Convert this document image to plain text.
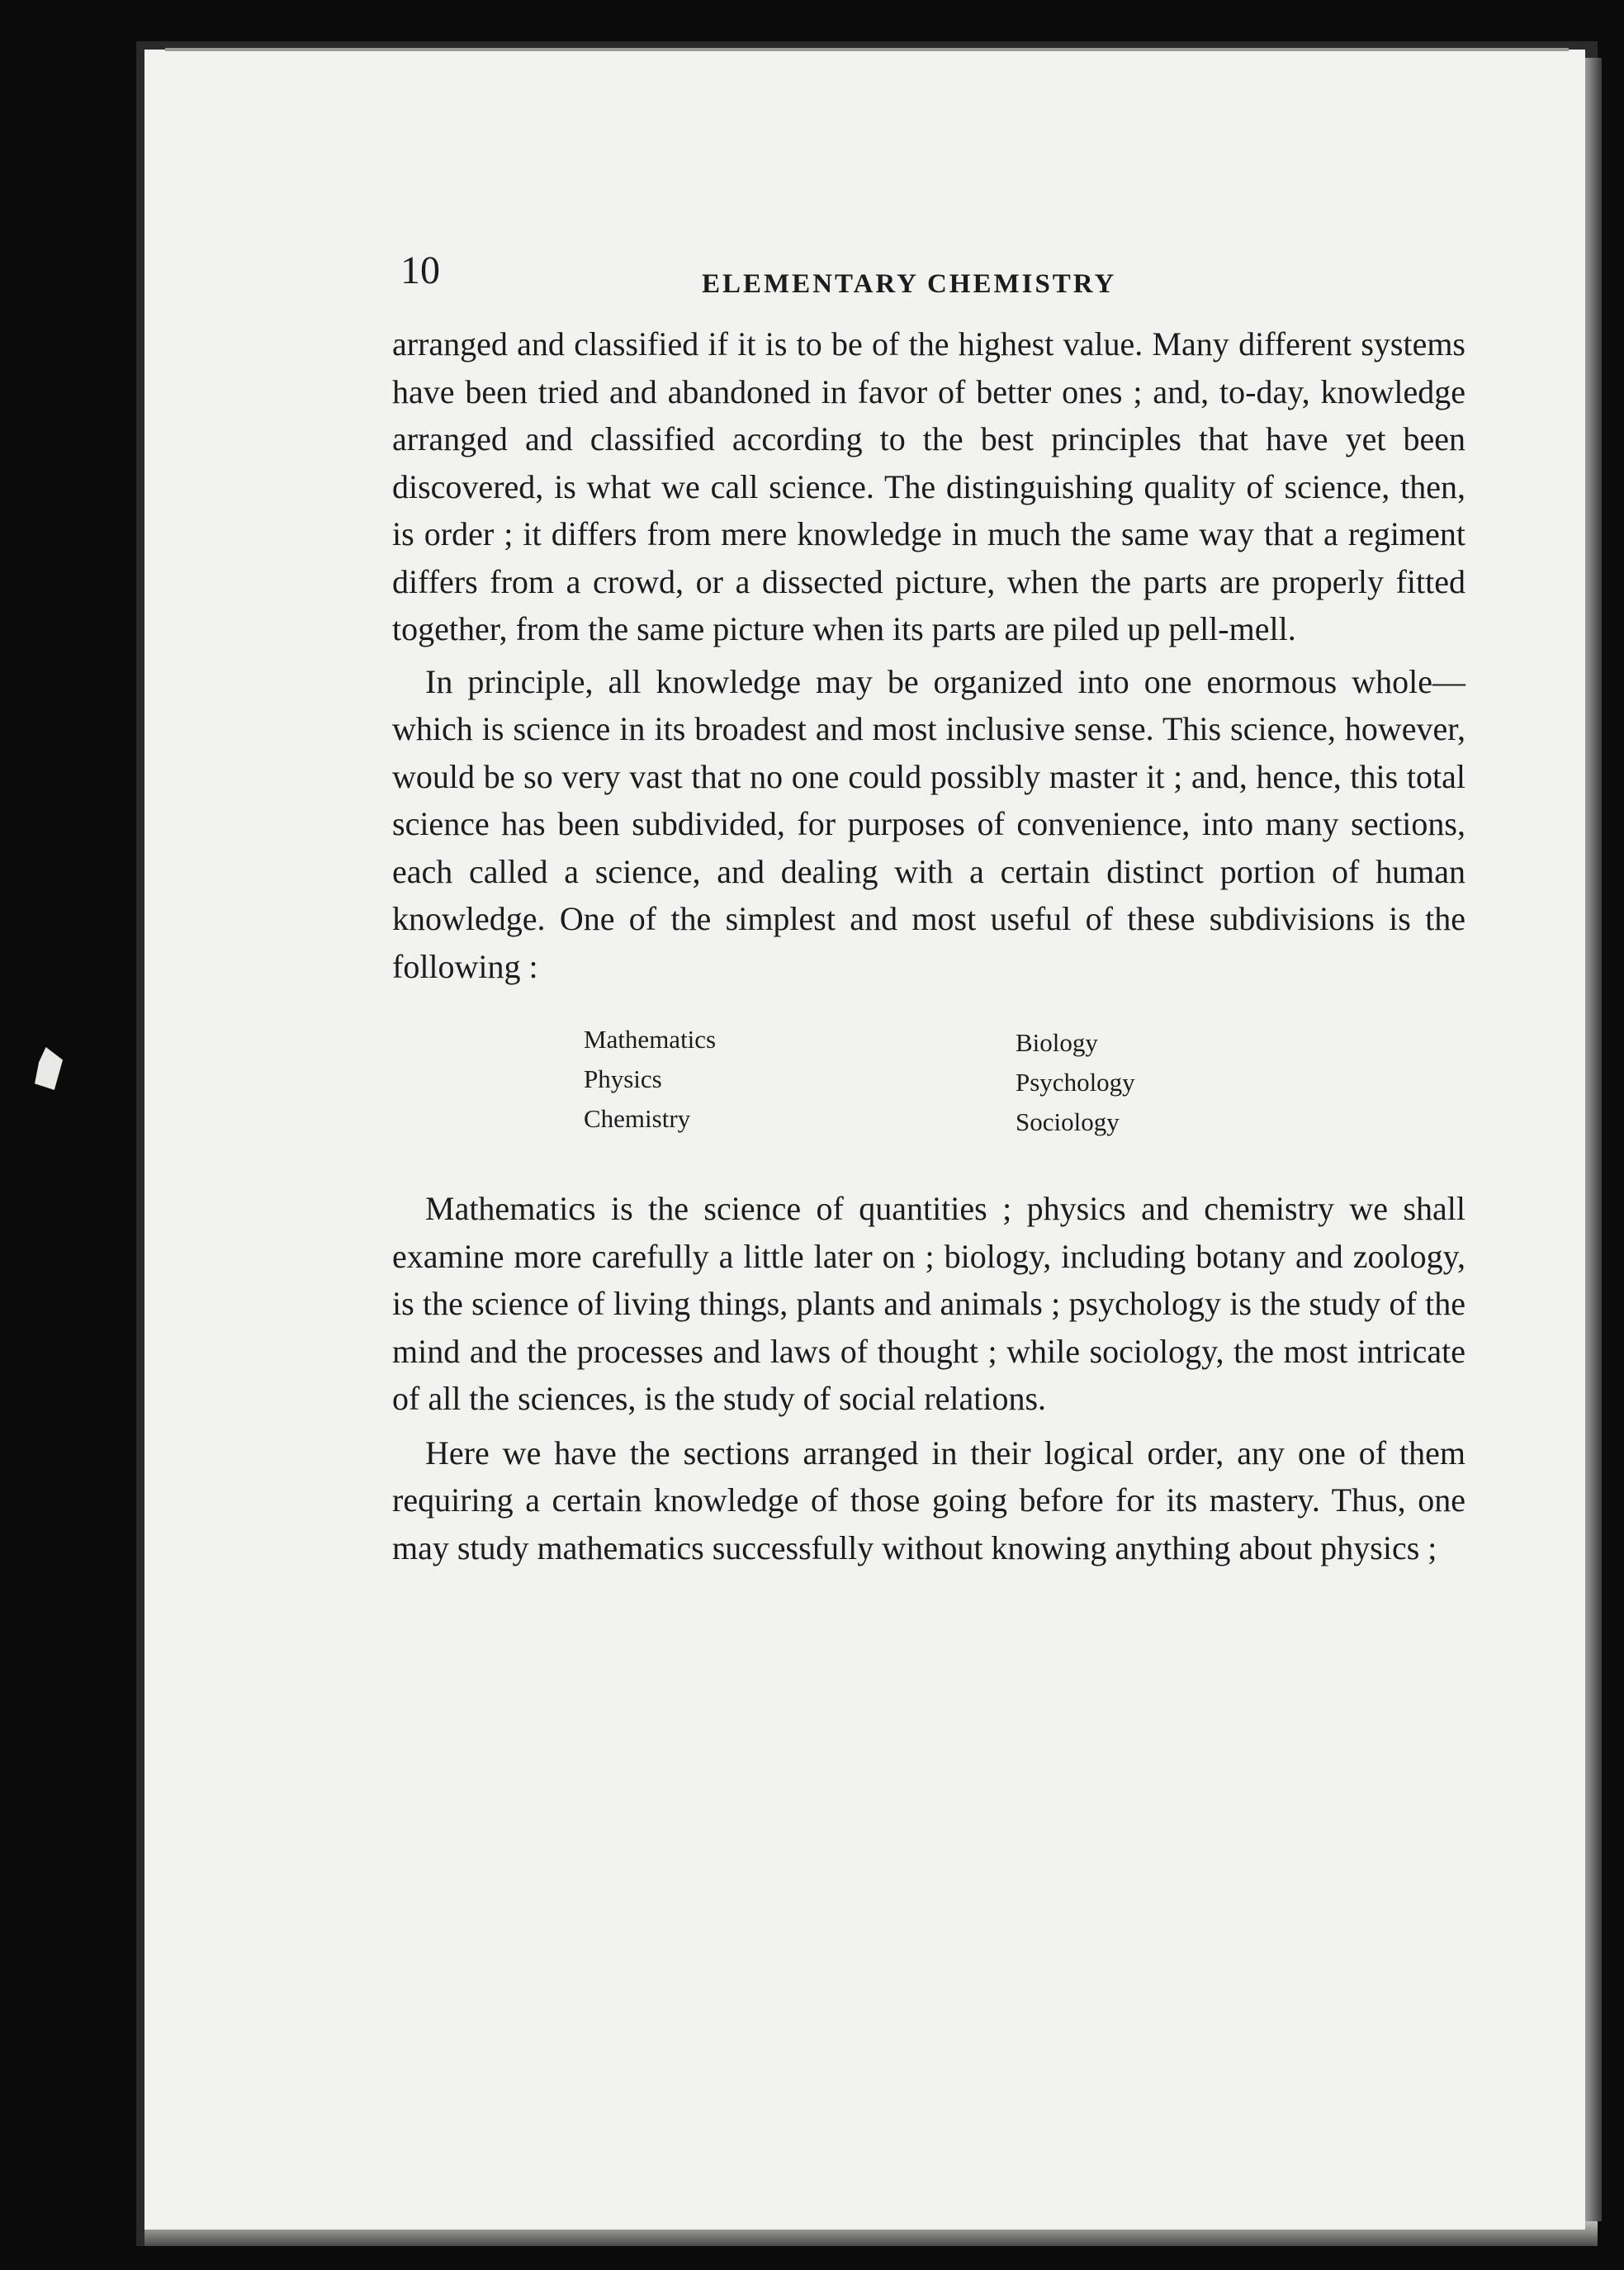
10	ELEMENTARY CHEMISTRY

arranged and classified if it is to be of the highest value. Many different systems have been tried and abandoned in favor of better ones ; and, to-day, knowledge arranged and classified according to the best principles that have yet been discovered, is what we call science. The distinguishing quality of science, then, is order ; it differs from mere knowledge in much the same way that a regiment differs from a crowd, or a dissected picture, when the parts are properly fitted together, from the same picture when its parts are piled up pell-mell.

In principle, all knowledge may be organized into one enormous whole—which is science in its broadest and most inclusive sense. This science, however, would be so very vast that no one could possibly master it ; and, hence, this total science has been subdivided, for purposes of convenience, into many sections, each called a science, and dealing with a certain distinct portion of human knowledge. One of the simplest and most useful of these subdivisions is the following :

Mathematics
Physics
Chemistry
Biology
Psychology
Sociology

Mathematics is the science of quantities ; physics and chemistry we shall examine more carefully a little later on ; biology, including botany and zoology, is the science of living things, plants and animals ; psychology is the study of the mind and the processes and laws of thought ; while sociology, the most intricate of all the sciences, is the study of social relations.

Here we have the sections arranged in their logical order, any one of them requiring a certain knowledge of those going before for its mastery. Thus, one may study mathematics successfully without knowing anything about physics ;
